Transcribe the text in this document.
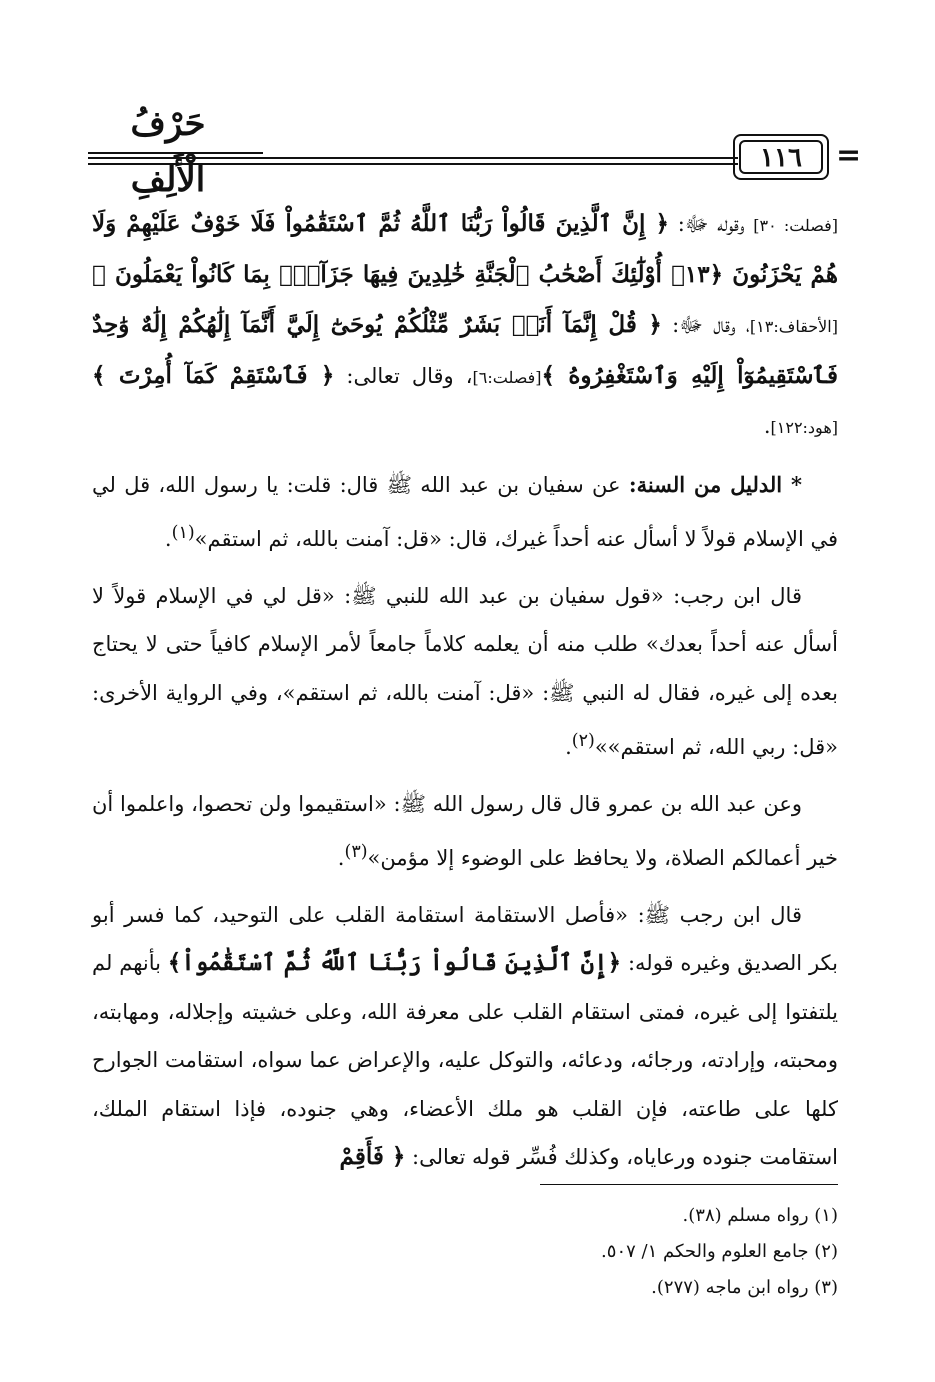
حَرْفُ الْأَلِفِ
١١٦	=

[فصلت: ٣٠] وقوله ﷻ: ﴿ إِنَّ ٱلَّذِينَ قَالُواْ رَبُّنَا ٱللَّهُ ثُمَّ ٱسْتَقَٰمُواْ فَلَا خَوْفٌ عَلَيْهِمْ وَلَا هُمْ يَحْزَنُونَ ﴿١٣﴾ أُوْلَٰٓئِكَ أَصْحَٰبُ ٱلْجَنَّةِ خَٰلِدِينَ فِيهَا جَزَآءًۢ بِمَا كَانُواْ يَعْمَلُونَ ﴾ [الأحقاف:١٣]، وقال ﷻ: ﴿ قُلْ إِنَّمَآ أَنَا۠ بَشَرٌ مِّثْلُكُمْ يُوحَىٰٓ إِلَيَّ أَنَّمَآ إِلَٰهُكُمْ إِلَٰهٌ وَٰحِدٌ فَٱسْتَقِيمُوٓاْ إِلَيْهِ وَٱسْتَغْفِرُوهُ ﴾[فصلت:٦]، وقال تعالى: ﴿ فَٱسْتَقِمْ كَمَآ أُمِرْتَ ﴾ [هود:١٢٢].

* الدليل من السنة: عن سفيان بن عبد الله ﷺ قال: قلت: يا رسول الله، قل لي في الإسلام قولاً لا أسأل عنه أحداً غيرك، قال: «قل: آمنت بالله، ثم استقم»$^{(١)}$.

قال ابن رجب: «قول سفيان بن عبد الله للنبي ﷺ: «قل لي في الإسلام قولاً لا أسأل عنه أحداً بعدك» طلب منه أن يعلمه كلاماً جامعاً لأمر الإسلام كافياً حتى لا يحتاج بعده إلى غيره، فقال له النبي ﷺ: «قل: آمنت بالله، ثم استقم»، وفي الرواية الأخرى: «قل: ربي الله، ثم استقم»»$^{(٢)}$.

وعن عبد الله بن عمرو قال قال رسول الله ﷺ: «استقيموا ولن تحصوا، واعلموا أن خير أعمالكم الصلاة، ولا يحافظ على الوضوء إلا مؤمن»$^{(٣)}$.

قال ابن رجب ﷺ: «فأصل الاستقامة استقامة القلب على التوحيد، كما فسر أبو بكر الصديق وغيره قوله: ﴿إِنَّ ٱلَّذِينَ قَالُواْ رَبُّنَا ٱللَّهُ ثُمَّ ٱسْتَقَٰمُواْ﴾ بأنهم لم يلتفتوا إلى غيره، فمتى استقام القلب على معرفة الله، وعلى خشيته وإجلاله، ومهابته، ومحبته، وإرادته، ورجائه، ودعائه، والتوكل عليه، والإعراض عما سواه، استقامت الجوارح كلها على طاعته، فإن القلب هو ملك الأعضاء، وهي جنوده، فإذا استقام الملك، استقامت جنوده ورعاياه، وكذلك فُسِّر قوله تعالى: ﴿ فَأَقِمْ

(١) رواه مسلم (٣٨).
(٢) جامع العلوم والحكم ١/ ٥٠٧.
(٣) رواه ابن ماجه (٢٧٧).
